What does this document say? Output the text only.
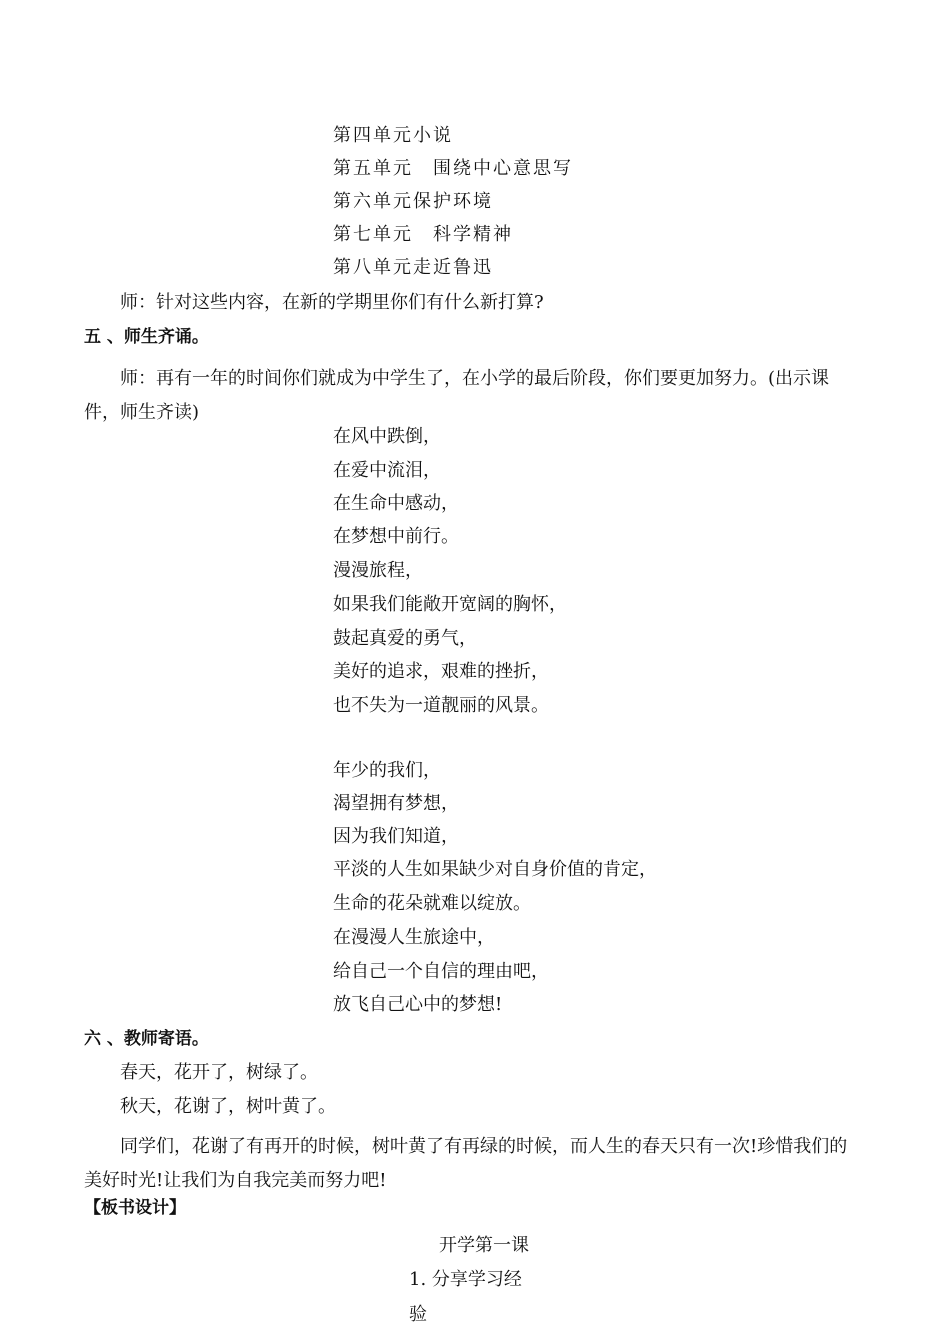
第四单元小说
第五单元　围绕中心意思写
第六单元保护环境
第七单元　科学精神
第八单元走近鲁迅
师：针对这些内容，在新的学期里你们有什么新打算?
五 、师生齐诵。
师：再有一年的时间你们就成为中学生了，在小学的最后阶段，你们要更加努力。(出示课件，师生齐读)
在风中跌倒，
在爱中流泪，
在生命中感动，
在梦想中前行。
漫漫旅程，
如果我们能敞开宽阔的胸怀，
鼓起真爱的勇气，
美好的追求，艰难的挫折，
也不失为一道靓丽的风景。
年少的我们，
渴望拥有梦想，
因为我们知道，
平淡的人生如果缺少对自身价值的肯定，
生命的花朵就难以绽放。
在漫漫人生旅途中，
给自己一个自信的理由吧，
放飞自己心中的梦想!
六 、教师寄语。
春天，花开了，树绿了。
秋天，花谢了，树叶黄了。
同学们，花谢了有再开的时候，树叶黄了有再绿的时候，而人生的春天只有一次!珍惜我们的美好时光!让我们为自我完美而努力吧!
【板书设计】
开学第一课
1. 分享学习经
验
